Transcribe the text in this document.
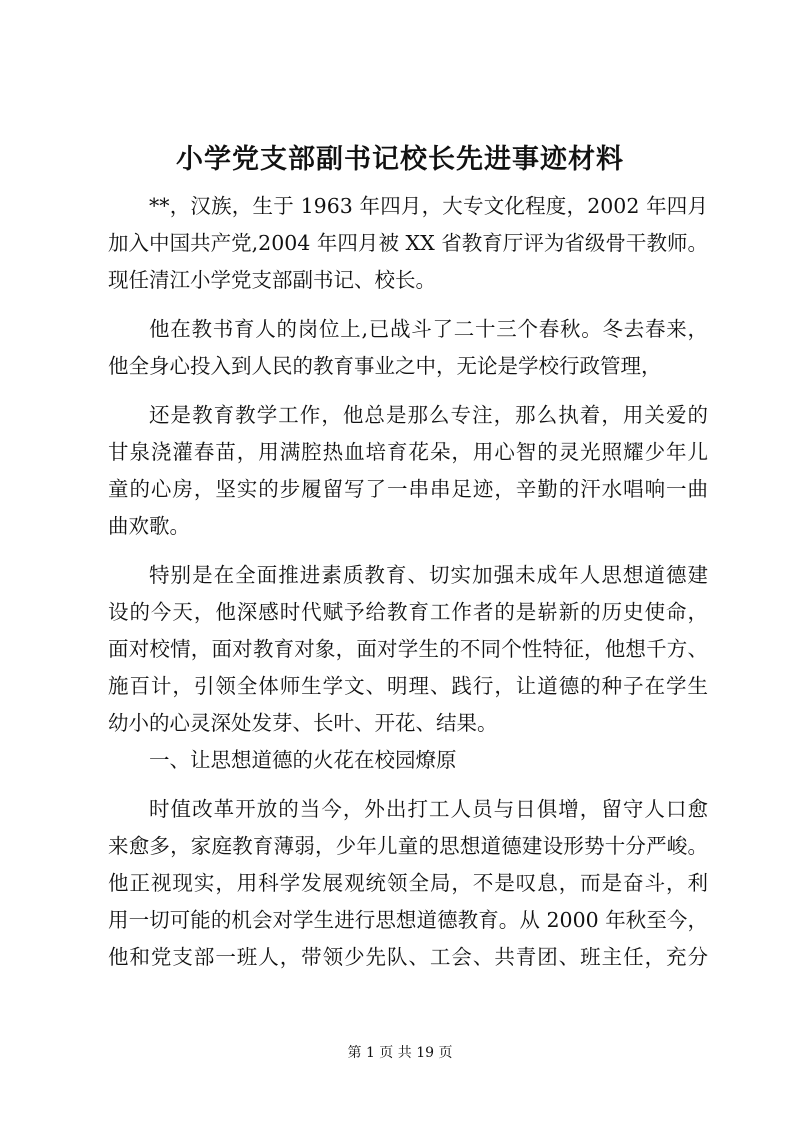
小学党支部副书记校长先进事迹材料
**，汉族，生于 1963 年四月，大专文化程度，2002 年四月
加入中国共产党,2004 年四月被 XX 省教育厅评为省级骨干教师。
现任清江小学党支部副书记、校长。
他在教书育人的岗位上,已战斗了二十三个春秋。冬去春来，
他全身心投入到人民的教育事业之中，无论是学校行政管理，
还是教育教学工作，他总是那么专注，那么执着，用关爱的
甘泉浇灌春苗，用满腔热血培育花朵，用心智的灵光照耀少年儿
童的心房，坚实的步履留写了一串串足迹，辛勤的汗水唱响一曲
曲欢歌。
特别是在全面推进素质教育、切实加强未成年人思想道德建
设的今天，他深感时代赋予给教育工作者的是崭新的历史使命，
面对校情，面对教育对象，面对学生的不同个性特征，他想千方、
施百计，引领全体师生学文、明理、践行，让道德的种子在学生
幼小的心灵深处发芽、长叶、开花、结果。
一、让思想道德的火花在校园燎原
时值改革开放的当今，外出打工人员与日俱增，留守人口愈
来愈多，家庭教育薄弱，少年儿童的思想道德建设形势十分严峻。
他正视现实，用科学发展观统领全局，不是叹息，而是奋斗，利
用一切可能的机会对学生进行思想道德教育。从 2000 年秋至今，
他和党支部一班人，带领少先队、工会、共青团、班主任，充分
第 1 页 共 19 页
